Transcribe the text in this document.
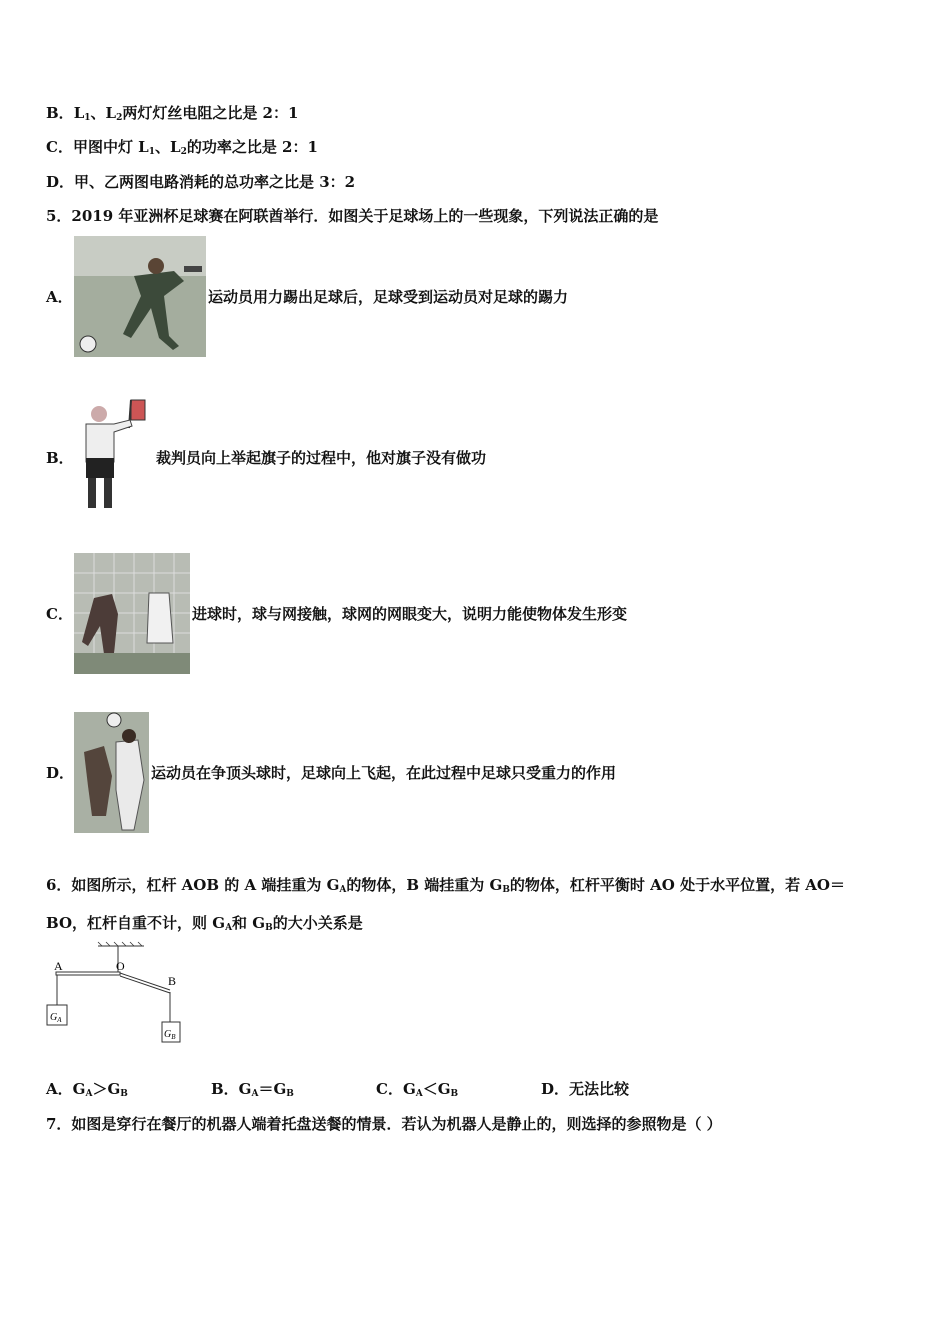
B．$L_1$、$L_2$两灯灯丝电阻之比是 2：1
C．甲图中灯 $L_1$、$L_2$的功率之比是 2：1
D．甲、乙两图电路消耗的总功率之比是 3：2
5．2019 年亚洲杯足球赛在阿联酋举行．如图关于足球场上的一些现象，下列说法正确的是
A．	运动员用力踢出足球后，足球受到运动员对足球的踢力
B．	裁判员向上举起旗子的过程中，他对旗子没有做功
C．	进球时，球与网接触，球网的网眼变大，说明力能使物体发生形变
D．	运动员在争顶头球时，足球向上飞起，在此过程中足球只受重力的作用
6．如图所示，杠杆 AOB 的 A 端挂重为 $G_A$的物体，B 端挂重为 $G_B$的物体，杠杆平衡时 AO 处于水平位置，若 AO＝
BO，杠杆自重不计，则 $G_A$和 $G_B$的大小关系是
A	O
B
$G_A$
$G_B$
A．$G_A>G_B$	B．$G_A=G_B$	C．$G_A<G_B$	D．无法比较
7．如图是穿行在餐厅的机器人端着托盘送餐的情景．若认为机器人是静止的，则选择的参照物是（ ）
